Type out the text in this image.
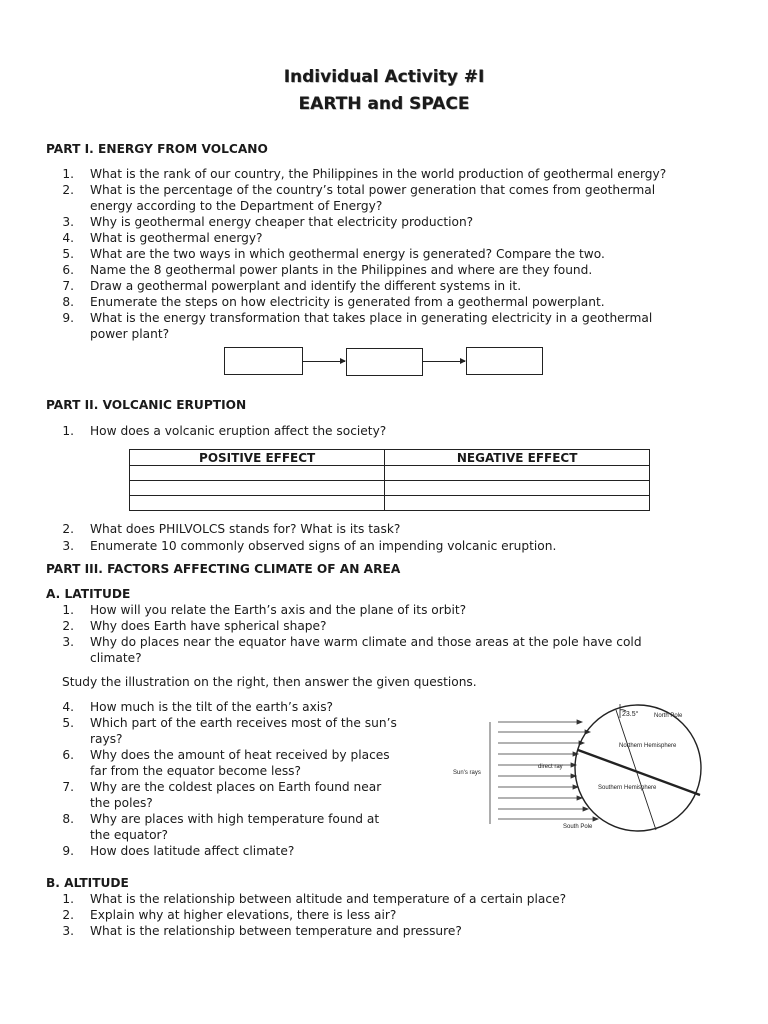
Individual Activity #I
EARTH and SPACE
PART I. ENERGY FROM VOLCANO
1. What is the rank of our country, the Philippines in the world production of geothermal energy?
2. What is the percentage of the country’s total power generation that comes from geothermal
energy according to the Department of Energy?
3. Why is geothermal energy cheaper that electricity production?
4. What is geothermal energy?
5. What are the two ways in which geothermal energy is generated? Compare the two.
6. Name the 8 geothermal power plants in the Philippines and where are they found.
7. Draw a geothermal powerplant and identify the different systems in it.
8. Enumerate the steps on how electricity is generated from a geothermal powerplant.
9. What is the energy transformation that takes place in generating electricity in a geothermal
power plant?
PART II. VOLCANIC ERUPTION
1. How does a volcanic eruption affect the society?
POSITIVE EFFECT	NEGATIVE EFFECT

2. What does PHILVOLCS stands for? What is its task?
3. Enumerate 10 commonly observed signs of an impending volcanic eruption.
PART III. FACTORS AFFECTING CLIMATE OF AN AREA
A. LATITUDE
1. How will you relate the Earth’s axis and the plane of its orbit?
2. Why does Earth have spherical shape?
3. Why do places near the equator have warm climate and those areas at the pole have cold
climate?
Study the illustration on the right, then answer the given questions.
4. How much is the tilt of the earth’s axis?
5. Which part of the earth receives most of the sun’s
rays?
6. Why does the amount of heat received by places
far from the equator become less?
7. Why are the coldest places on Earth found near
the poles?
8. Why are places with high temperature found at
the equator?
9. How does latitude affect climate?
23.5°	North Pole
Northern Hemisphere
direct ray
Sun's rays
Southern Hemisphere
South Pole
B. ALTITUDE
1. What is the relationship between altitude and temperature of a certain place?
2. Explain why at higher elevations, there is less air?
3. What is the relationship between temperature and pressure?
